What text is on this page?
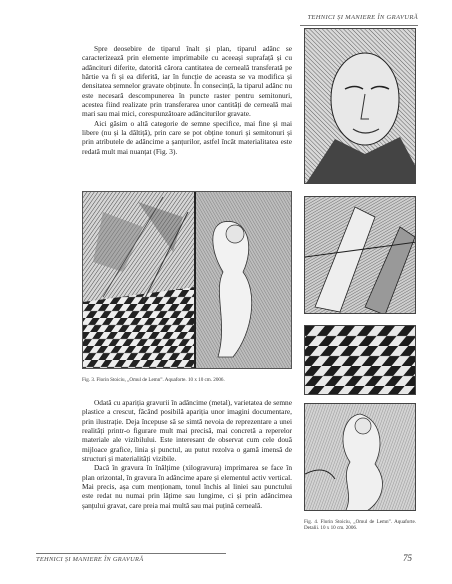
TEHNICI ȘI MANIERE ÎN GRAVURĂ

Spre deosebire de tiparul înalt și plan, tiparul adânc se caracterizează prin elemente imprimabile cu aceeași suprafață și cu adâncituri diferite, datorită cărora cantitatea de cerneală transferată pe hârtie va fi și ea diferită, iar în funcție de aceasta se va modifica și densitatea semnelor gravate obținute. În consecință, la tiparul adânc nu este necesară descompunerea în puncte raster pentru semitonuri, acestea fiind realizate prin transferarea unor cantități de cerneală mai mari sau mai mici, corespunzătoare adânciturilor gravate.

Aici găsim o altă categorie de semne specifice, mai fine și mai libere (nu și la dăltiță), prin care se pot obține tonuri și semitonuri și prin atributele de adâncime a șanțurilor, astfel încât materialitatea este redată mult mai nuanțat (Fig. 3).

Fig. 3. Florin Stoiciu, „Omul de Lemn”. Aquaforte. 10 x 10 cm. 2006.

Odată cu apariția gravurii în adâncime (metal), varietatea de semne plastice a crescut, făcând posibilă apariția unor imagini documentare, prin ilustrație. Deja începuse să se simtă nevoia de reprezentare a unei realități printr-o figurare mult mai precisă, mai concretă a reperelor materiale ale vizibilului. Este interesant de observat cum cele două mijloace grafice, linia și punctul, au putut rezolva o gamă imensă de structuri și materialități vizibile.

Dacă în gravura în înălțime (xilogravura) imprimarea se face în plan orizontal, în gravura în adâncime apare și elementul activ vertical. Mai precis, așa cum menționam, tonul închis al liniei sau punctului este redat nu numai prin lățime sau lungime, ci și prin adâncimea șanțului gravat, care preia mai multă sau mai puțină cerneală.

Fig. 4. Florin Stoiciu, „Omul de Lemn”. Aquaforte. Detalii. 10 x 10 cm. 2006.
TEHNICI ȘI MANIERE ÎN GRAVURĂ	75
